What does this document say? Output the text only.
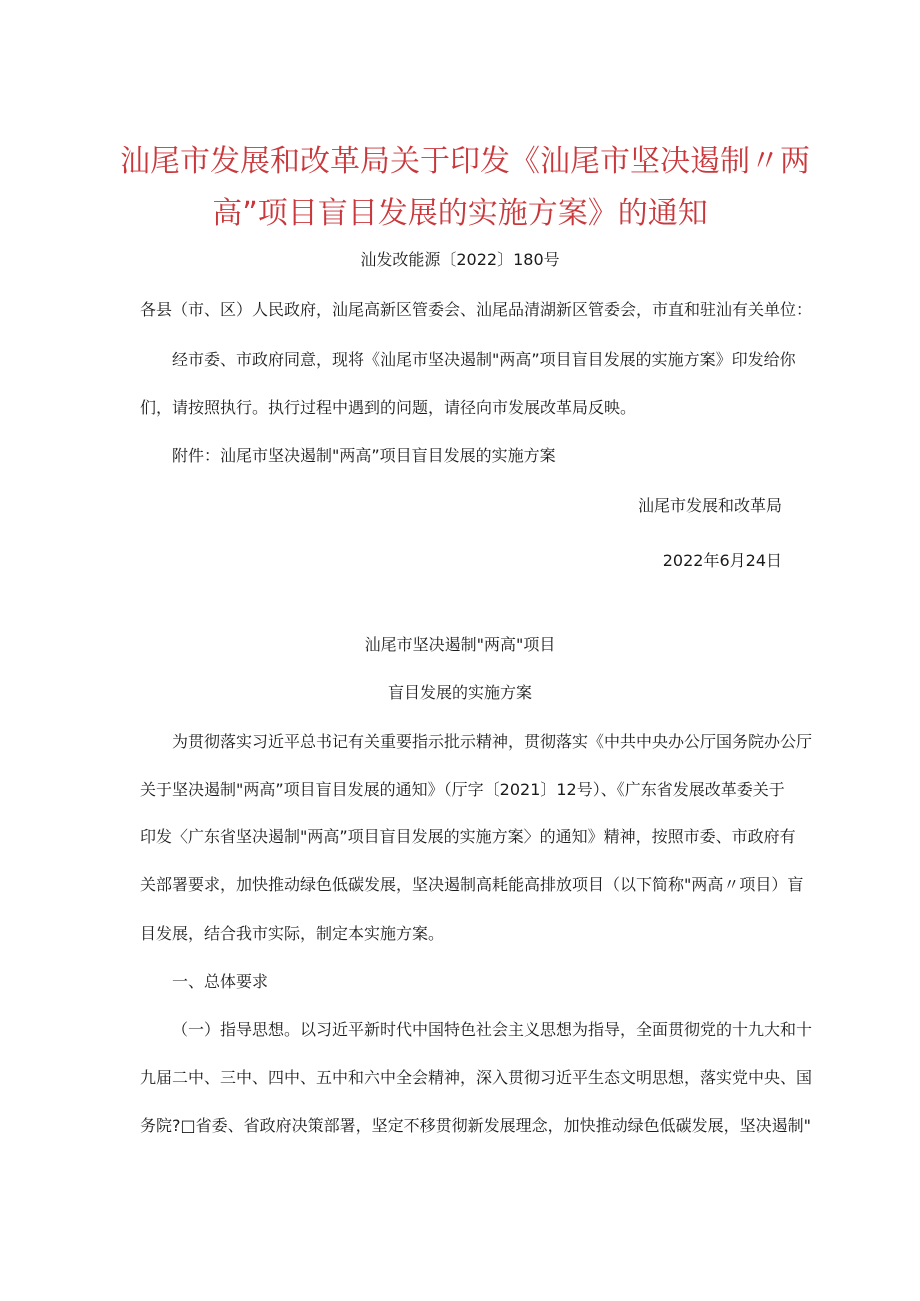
汕尾市发展和改革局关于印发《汕尾市坚决遏制〃两
高”项目盲目发展的实施方案》的通知
汕发改能源〔2022〕180号
各县（市、区）人民政府，汕尾高新区管委会、汕尾品清湖新区管委会，市直和驻汕有关单位：
经市委、市政府同意，现将《汕尾市坚决遏制"两高”项目盲目发展的实施方案》印发给你
们，请按照执行。执行过程中遇到的问题，请径向市发展改革局反映。
附件：汕尾市坚决遏制"两高”项目盲目发展的实施方案
汕尾市发展和改革局
2022年6月24日
汕尾市坚决遏制"两高"项目
盲目发展的实施方案
为贯彻落实习近平总书记有关重要指示批示精神，贯彻落实《中共中央办公厅国务院办公厅
关于坚决遏制"两高”项目盲目发展的通知》（厅字〔2021〕12号）、《广东省发展改革委关于
印发〈广东省坚决遏制"两高”项目盲目发展的实施方案〉的通知》精神，按照市委、市政府有
关部署要求，加快推动绿色低碳发展，坚决遏制高耗能高排放项目（以下简称"两高〃项目）盲
目发展，结合我市实际，制定本实施方案。
一、总体要求
（一）指导思想。以习近平新时代中国特色社会主义思想为指导，全面贯彻党的十九大和十
九届二中、三中、四中、五中和六中全会精神，深入贯彻习近平生态文明思想，落实党中央、国
务院?□省委、省政府决策部署，坚定不移贯彻新发展理念，加快推动绿色低碳发展，坚决遏制"
